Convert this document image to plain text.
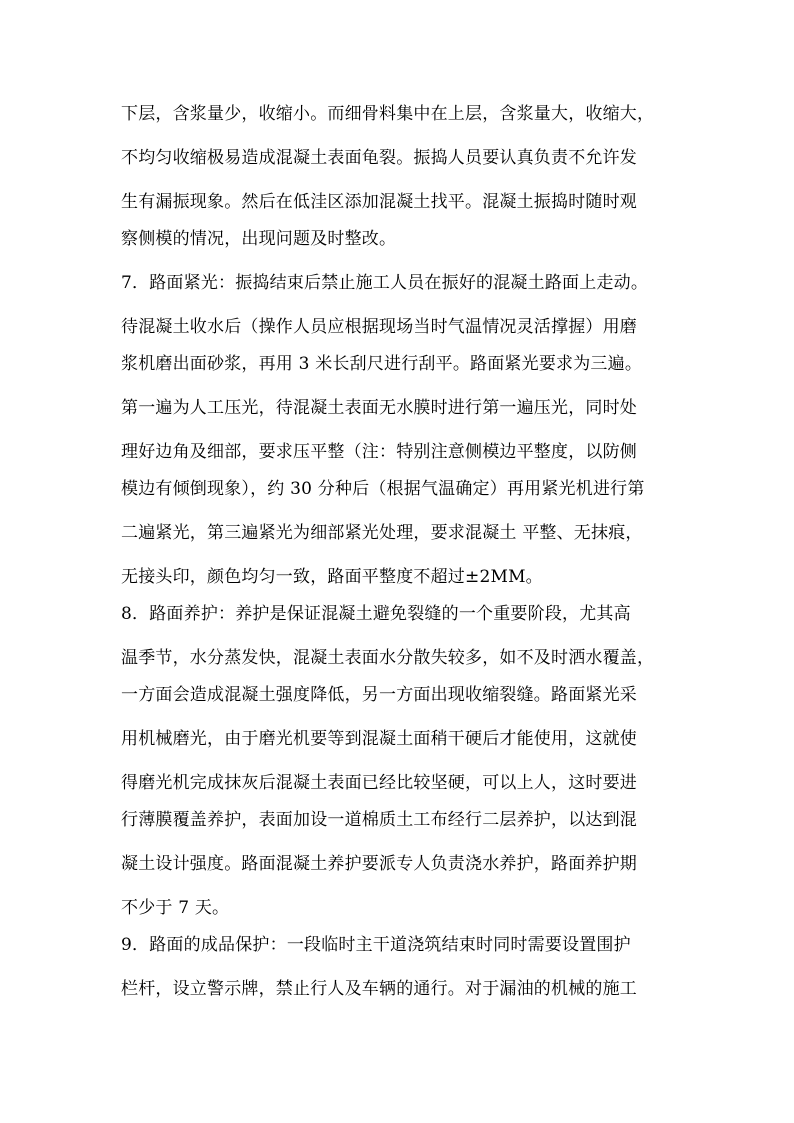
下层，含浆量少，收缩小。而细骨料集中在上层，含浆量大，收缩大，
不均匀收缩极易造成混凝土表面龟裂。振捣人员要认真负责不允许发
生有漏振现象。然后在低洼区添加混凝土找平。混凝土振捣时随时观
察侧模的情况，出现问题及时整改。
7．路面紧光：振捣结束后禁止施工人员在振好的混凝土路面上走动。
待混凝土收水后（操作人员应根据现场当时气温情况灵活撑握）用磨
浆机磨出面砂浆，再用 3 米长刮尺进行刮平。路面紧光要求为三遍。
第一遍为人工压光，待混凝土表面无水膜时进行第一遍压光，同时处
理好边角及细部，要求压平整（注：特别注意侧模边平整度，以防侧
模边有倾倒现象），约 30 分种后（根据气温确定）再用紧光机进行第
二遍紧光，第三遍紧光为细部紧光处理，要求混凝土 平整、无抹痕，
无接头印，颜色均匀一致，路面平整度不超过±2MM。
8．路面养护：养护是保证混凝土避免裂缝的一个重要阶段，尤其高
温季节，水分蒸发快，混凝土表面水分散失较多，如不及时洒水覆盖，
一方面会造成混凝土强度降低，另一方面出现收缩裂缝。路面紧光采
用机械磨光，由于磨光机要等到混凝土面稍干硬后才能使用，这就使
得磨光机完成抹灰后混凝土表面已经比较坚硬，可以上人，这时要进
行薄膜覆盖养护，表面加设一道棉质土工布经行二层养护，以达到混
凝土设计强度。路面混凝土养护要派专人负责浇水养护，路面养护期
不少于 7 天。
9．路面的成品保护：一段临时主干道浇筑结束时同时需要设置围护
栏杆，设立警示牌，禁止行人及车辆的通行。对于漏油的机械的施工
